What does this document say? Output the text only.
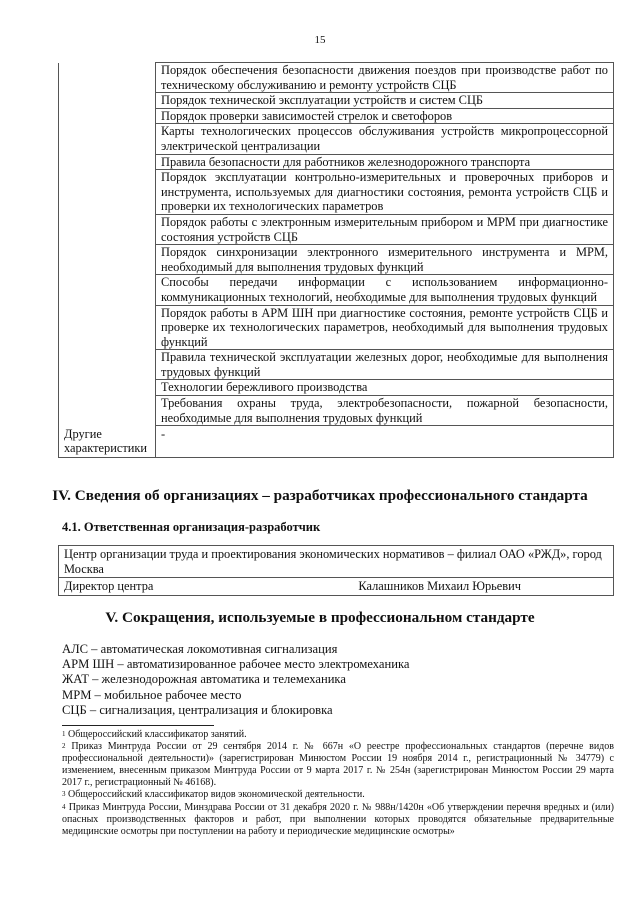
15
	Порядок обеспечения безопасности движения поездов при производстве работ по техническому обслуживанию и ремонту устройств СЦБ
	Порядок технической эксплуатации устройств и систем СЦБ
	Порядок проверки зависимостей стрелок и светофоров
	Карты технологических процессов обслуживания устройств микропроцессорной электрической централизации
	Правила безопасности для работников железнодорожного транспорта
	Порядок эксплуатации контрольно-измерительных и проверочных приборов и инструмента, используемых для диагностики состояния, ремонта устройств СЦБ и проверки их технологических параметров
	Порядок работы с электронным измерительным прибором и МРМ при диагностике состояния устройств СЦБ
	Порядок синхронизации электронного измерительного инструмента и МРМ, необходимый для выполнения трудовых функций
	Способы передачи информации с использованием информационно-коммуникационных технологий, необходимые для выполнения трудовых функций
	Порядок работы в АРМ ШН при диагностике состояния, ремонте устройств СЦБ и проверке их технологических параметров, необходимый для выполнения трудовых функций
	Правила технической эксплуатации железных дорог, необходимые для выполнения трудовых функций
	Технологии бережливого производства
	Требования охраны труда, электробезопасности, пожарной безопасности, необходимые для выполнения трудовых функций
Другие характеристики	-
IV. Сведения об организациях – разработчиках профессионального стандарта
4.1. Ответственная организация-разработчик
Центр организации труда и проектирования экономических нормативов – филиал ОАО «РЖД», город Москва

Директор центра	Калашников Михаил Юрьевич
V. Сокращения, используемые в профессиональном стандарте
АЛС – автоматическая локомотивная сигнализация
АРМ ШН – автоматизированное рабочее место электромеханика
ЖАТ – железнодорожная автоматика и телемеханика
МРМ – мобильное рабочее место
СЦБ – сигнализация, централизация и блокировка

$^1$ Общероссийский классификатор занятий.

$^2$ Приказ Минтруда России от 29 сентября 2014 г. № 667н «О реестре профессиональных стандартов (перечне видов профессиональной деятельности)» (зарегистрирован Минюстом России 19 ноября 2014 г., регистрационный № 34779) с изменением, внесенным приказом Минтруда России от 9 марта 2017 г. № 254н (зарегистрирован Минюстом России 29 марта 2017 г., регистрационный № 46168).

$^3$ Общероссийский классификатор видов экономической деятельности.

$^4$ Приказ Минтруда России, Минздрава России от 31 декабря 2020 г. № 988н/1420н «Об утверждении перечня вредных и (или) опасных производственных факторов и работ, при выполнении которых проводятся обязательные предварительные медицинские осмотры при поступлении на работу и периодические медицинские осмотры»
